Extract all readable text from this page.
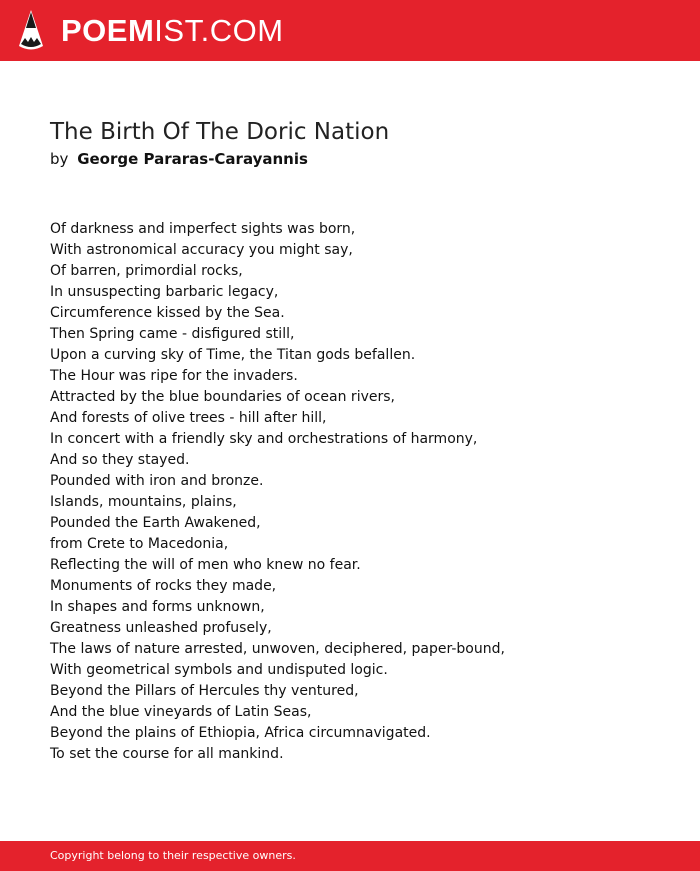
POEMIST.COM
The Birth Of The Doric Nation
by George Pararas-Carayannis
Of darkness and imperfect sights was born,
With astronomical accuracy you might say,
Of barren, primordial rocks,
In unsuspecting barbaric legacy,
Circumference kissed by the Sea.
Then Spring came - disfigured still,
Upon a curving sky of Time, the Titan gods befallen.
The Hour was ripe for the invaders.
Attracted by the blue boundaries of ocean rivers,
And forests of olive trees - hill after hill,
In concert with a friendly sky and orchestrations of harmony,
And so they stayed.
Pounded with iron and bronze.
Islands, mountains, plains,
Pounded the Earth Awakened,
from Crete to Macedonia,
Reflecting the will of men who knew no fear.
Monuments of rocks they made,
In shapes and forms unknown,
Greatness unleashed profusely,
The laws of nature arrested, unwoven, deciphered, paper-bound,
With geometrical symbols and undisputed logic.
Beyond the Pillars of Hercules thy ventured,
And the blue vineyards of Latin Seas,
Beyond the plains of Ethiopia, Africa circumnavigated.
To set the course for all mankind.
Copyright belong to their respective owners.
